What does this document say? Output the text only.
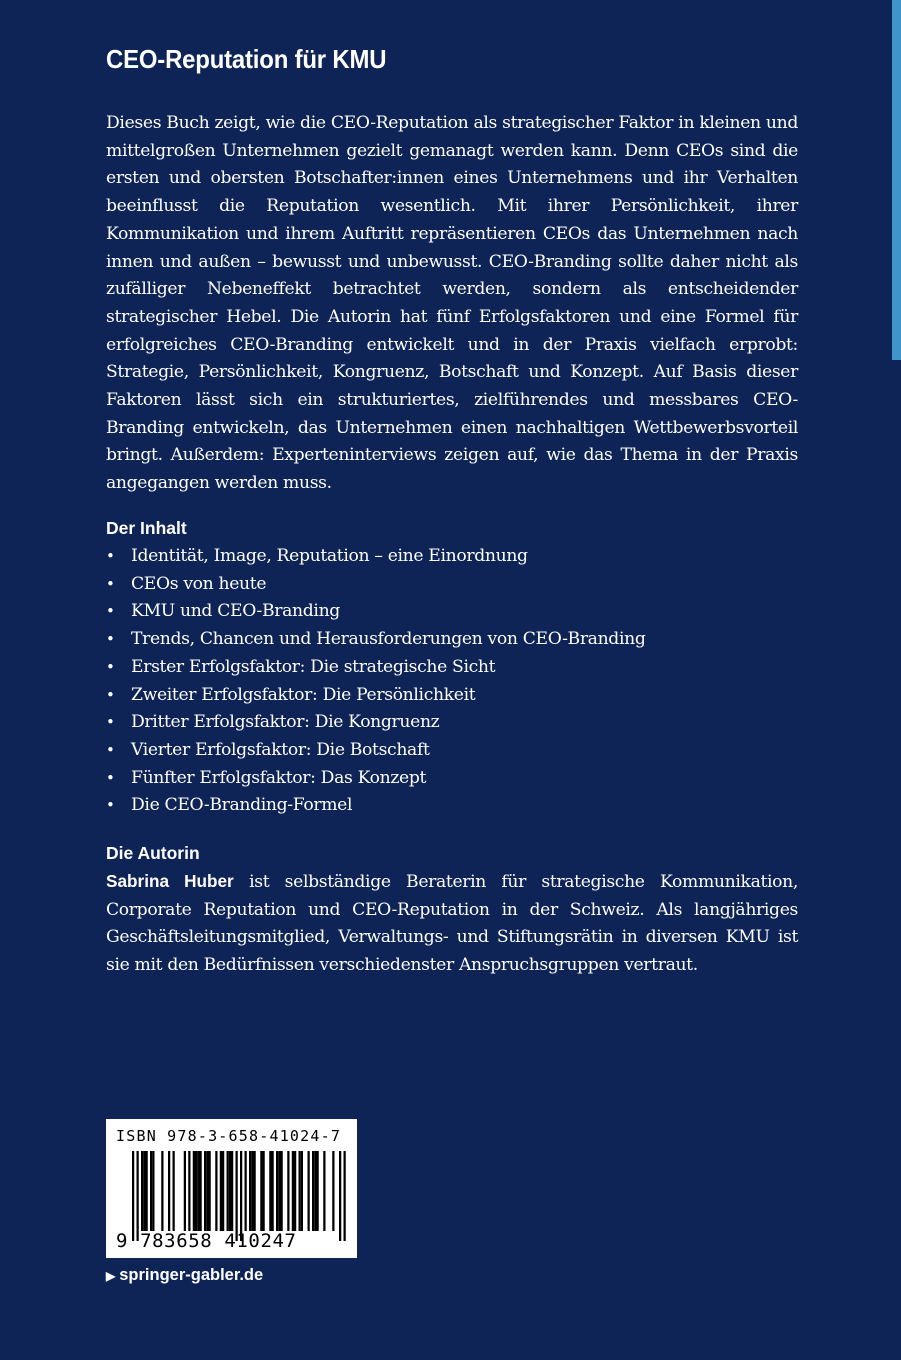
CEO-Reputation für KMU

Dieses Buch zeigt, wie die CEO-Reputation als strategischer Faktor in kleinen und mittelgroßen Unternehmen gezielt gemanagt werden kann. Denn CEOs sind die ersten und obersten Botschafter:innen eines Unternehmens und ihr Verhalten beeinflusst die Reputation wesentlich. Mit ihrer Persönlichkeit, ihrer Kommunikation und ihrem Auftritt repräsentieren CEOs das Unternehmen nach innen und außen – bewusst und unbewusst. CEO-Branding sollte daher nicht als zufälliger Nebeneffekt betrachtet werden, sondern als entscheidender strategischer Hebel. Die Autorin hat fünf Erfolgsfaktoren und eine Formel für erfolgreiches CEO-Branding entwickelt und in der Praxis vielfach erprobt: Strategie, Persönlichkeit, Kongruenz, Botschaft und Konzept. Auf Basis dieser Faktoren lässt sich ein strukturiertes, zielführendes und messbares CEO-Branding entwickeln, das Unternehmen einen nachhaltigen Wettbewerbsvorteil bringt. Außerdem: Experteninterviews zeigen auf, wie das Thema in der Praxis angegangen werden muss.

Der Inhalt
• Identität, Image, Reputation – eine Einordnung
• CEOs von heute
• KMU und CEO-Branding
• Trends, Chancen und Herausforderungen von CEO-Branding
• Erster Erfolgsfaktor: Die strategische Sicht
• Zweiter Erfolgsfaktor: Die Persönlichkeit
• Dritter Erfolgsfaktor: Die Kongruenz
• Vierter Erfolgsfaktor: Die Botschaft
• Fünfter Erfolgsfaktor: Das Konzept
• Die CEO-Branding-Formel
Die Autorin

Sabrina Huber ist selbständige Beraterin für strategische Kommunikation, Corporate Reputation und CEO-Reputation in der Schweiz. Als langjähriges Geschäftsleitungsmitglied, Verwaltungs- und Stiftungsrätin in diversen KMU ist sie mit den Bedürfnissen verschiedenster Anspruchsgruppen vertraut.

ISBN 978-3-658-41024-7
9 783658 410247
▶ springer-gabler.de
